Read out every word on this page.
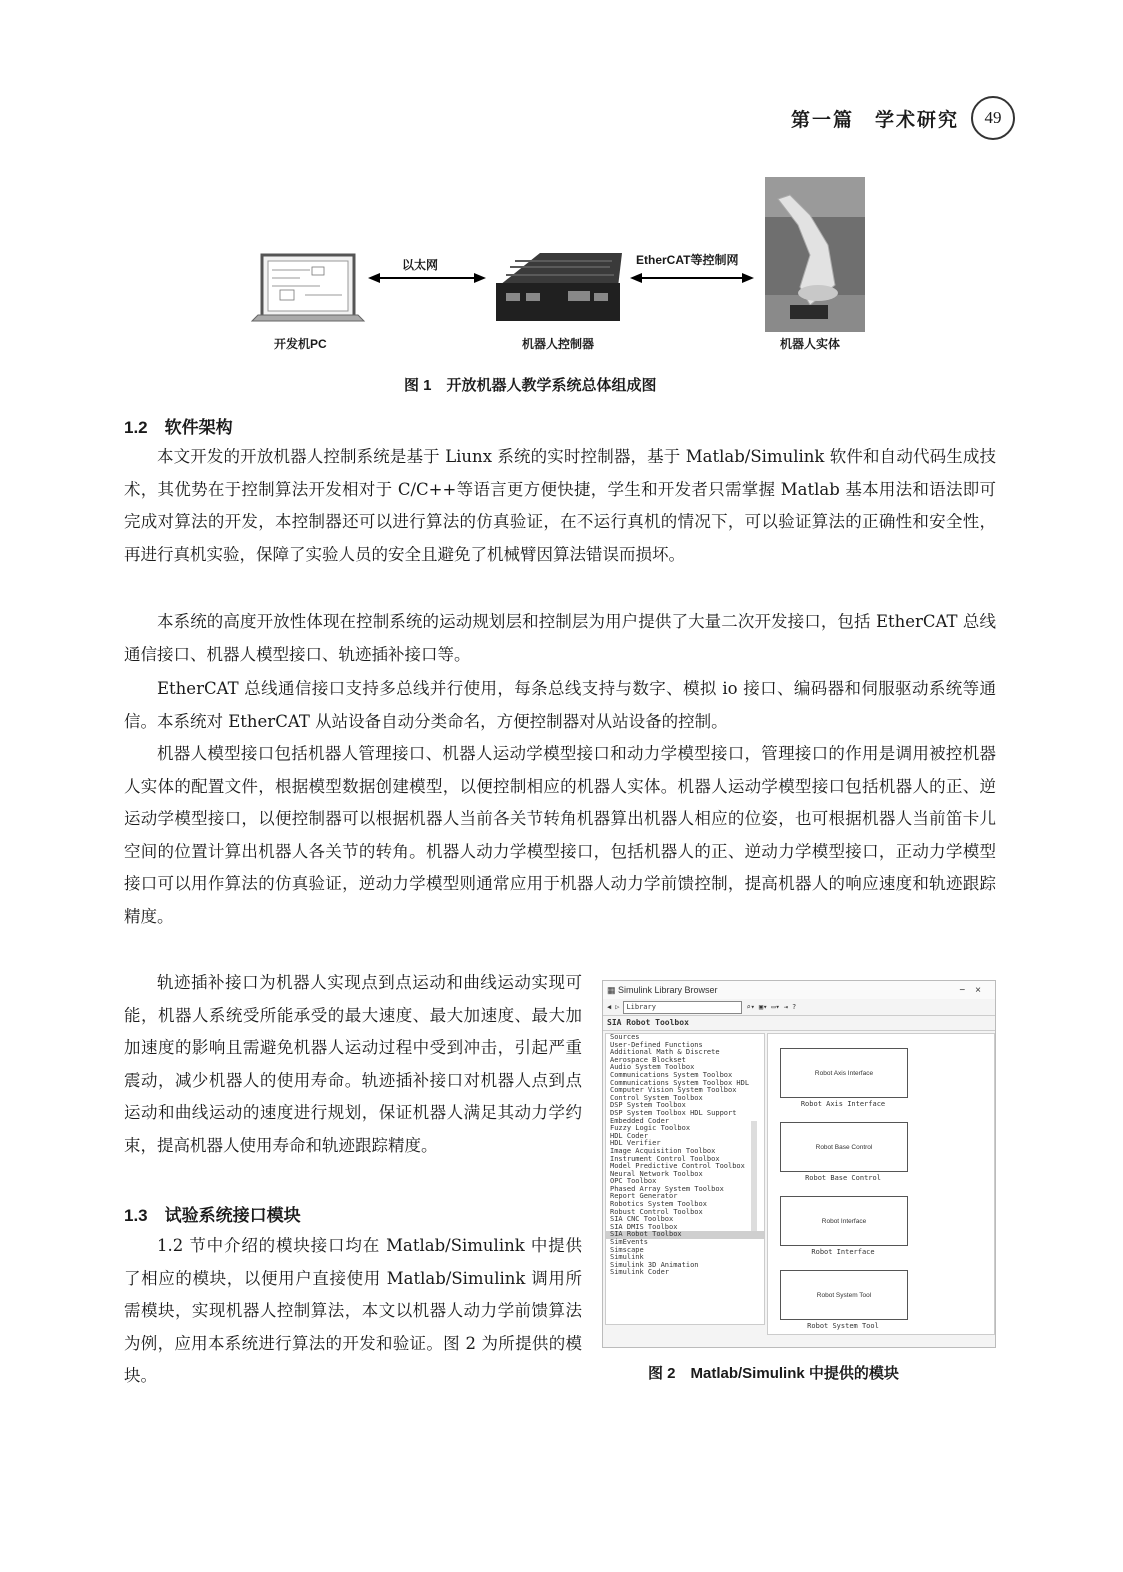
第一篇　学术研究	49
以太网	EtherCAT等控制网
开发机PC	机器人控制器	机器人实体
图 1　开放机器人教学系统总体组成图
1.2　软件架构

本文开发的开放机器人控制系统是基于 Liunx 系统的实时控制器，基于 Matlab/Simulink 软件和自动代码生成技术，其优势在于控制算法开发相对于 C/C++等语言更方便快捷，学生和开发者只需掌握 Matlab 基本用法和语法即可完成对算法的开发，本控制器还可以进行算法的仿真验证，在不运行真机的情况下，可以验证算法的正确性和安全性，再进行真机实验，保障了实验人员的安全且避免了机械臂因算法错误而损坏。

本系统的高度开放性体现在控制系统的运动规划层和控制层为用户提供了大量二次开发接口，包括 EtherCAT 总线通信接口、机器人模型接口、轨迹插补接口等。

EtherCAT 总线通信接口支持多总线并行使用，每条总线支持与数字、模拟 io 接口、编码器和伺服驱动系统等通信。本系统对 EtherCAT 从站设备自动分类命名，方便控制器对从站设备的控制。

机器人模型接口包括机器人管理接口、机器人运动学模型接口和动力学模型接口，管理接口的作用是调用被控机器人实体的配置文件，根据模型数据创建模型，以便控制相应的机器人实体。机器人运动学模型接口包括机器人的正、逆运动学模型接口，以便控制器可以根据机器人当前各关节转角机器算出机器人相应的位姿，也可根据机器人当前笛卡儿空间的位置计算出机器人各关节的转角。机器人动力学模型接口，包括机器人的正、逆动力学模型接口，正动力学模型接口可以用作算法的仿真验证，逆动力学模型则通常应用于机器人动力学前馈控制，提高机器人的响应速度和轨迹跟踪精度。

轨迹插补接口为机器人实现点到点运动和曲线运动实现可能，机器人系统受所能承受的最大速度、最大加速度、最大加加速度的影响且需避免机器人运动过程中受到冲击，引起严重震动，减少机器人的使用寿命。轨迹插补接口对机器人点到点运动和曲线运动的速度进行规划，保证机器人满足其动力学约束，提高机器人使用寿命和轨迹跟踪精度。

1.3　试验系统接口模块

1.2 节中介绍的模块接口均在 Matlab/Simulink 中提供了相应的模块，以便用户直接使用 Matlab/Simulink 调用所需模块，实现机器人控制算法，本文以机器人动力学前馈算法为例，应用本系统进行算法的开发和验证。图 2 为所提供的模块。

▦ Simulink Library Browser	−×
◀ ▷	Library	⌕▾ ▣▾ ▭▾ ⇥ ?
SIA Robot Toolbox
Sources
User-Defined Functions
Additional Math & Discrete
Aerospace Blockset
Audio System Toolbox
Communications System Toolbox
Communications System Toolbox HDL
Computer Vision System Toolbox
Control System Toolbox
DSP System Toolbox
DSP System Toolbox HDL Support
Embedded Coder
Fuzzy Logic Toolbox
HDL Coder
HDL Verifier
Image Acquisition Toolbox
Instrument Control Toolbox
Model Predictive Control Toolbox
Neural Network Toolbox
OPC Toolbox
Phased Array System Toolbox
Report Generator
Robotics System Toolbox
Robust Control Toolbox
SIA CNC Toolbox
SIA DMIS Toolbox
SIA Robot Toolbox
SimEvents
Simscape
Simulink
Simulink 3D Animation
Simulink Coder
Robot Axis Interface
Robot Axis Interface
Robot Base Control
Robot Base Control
Robot Interface
Robot Interface
Robot System Tool
Robot System Tool
图 2　Matlab/Simulink 中提供的模块
